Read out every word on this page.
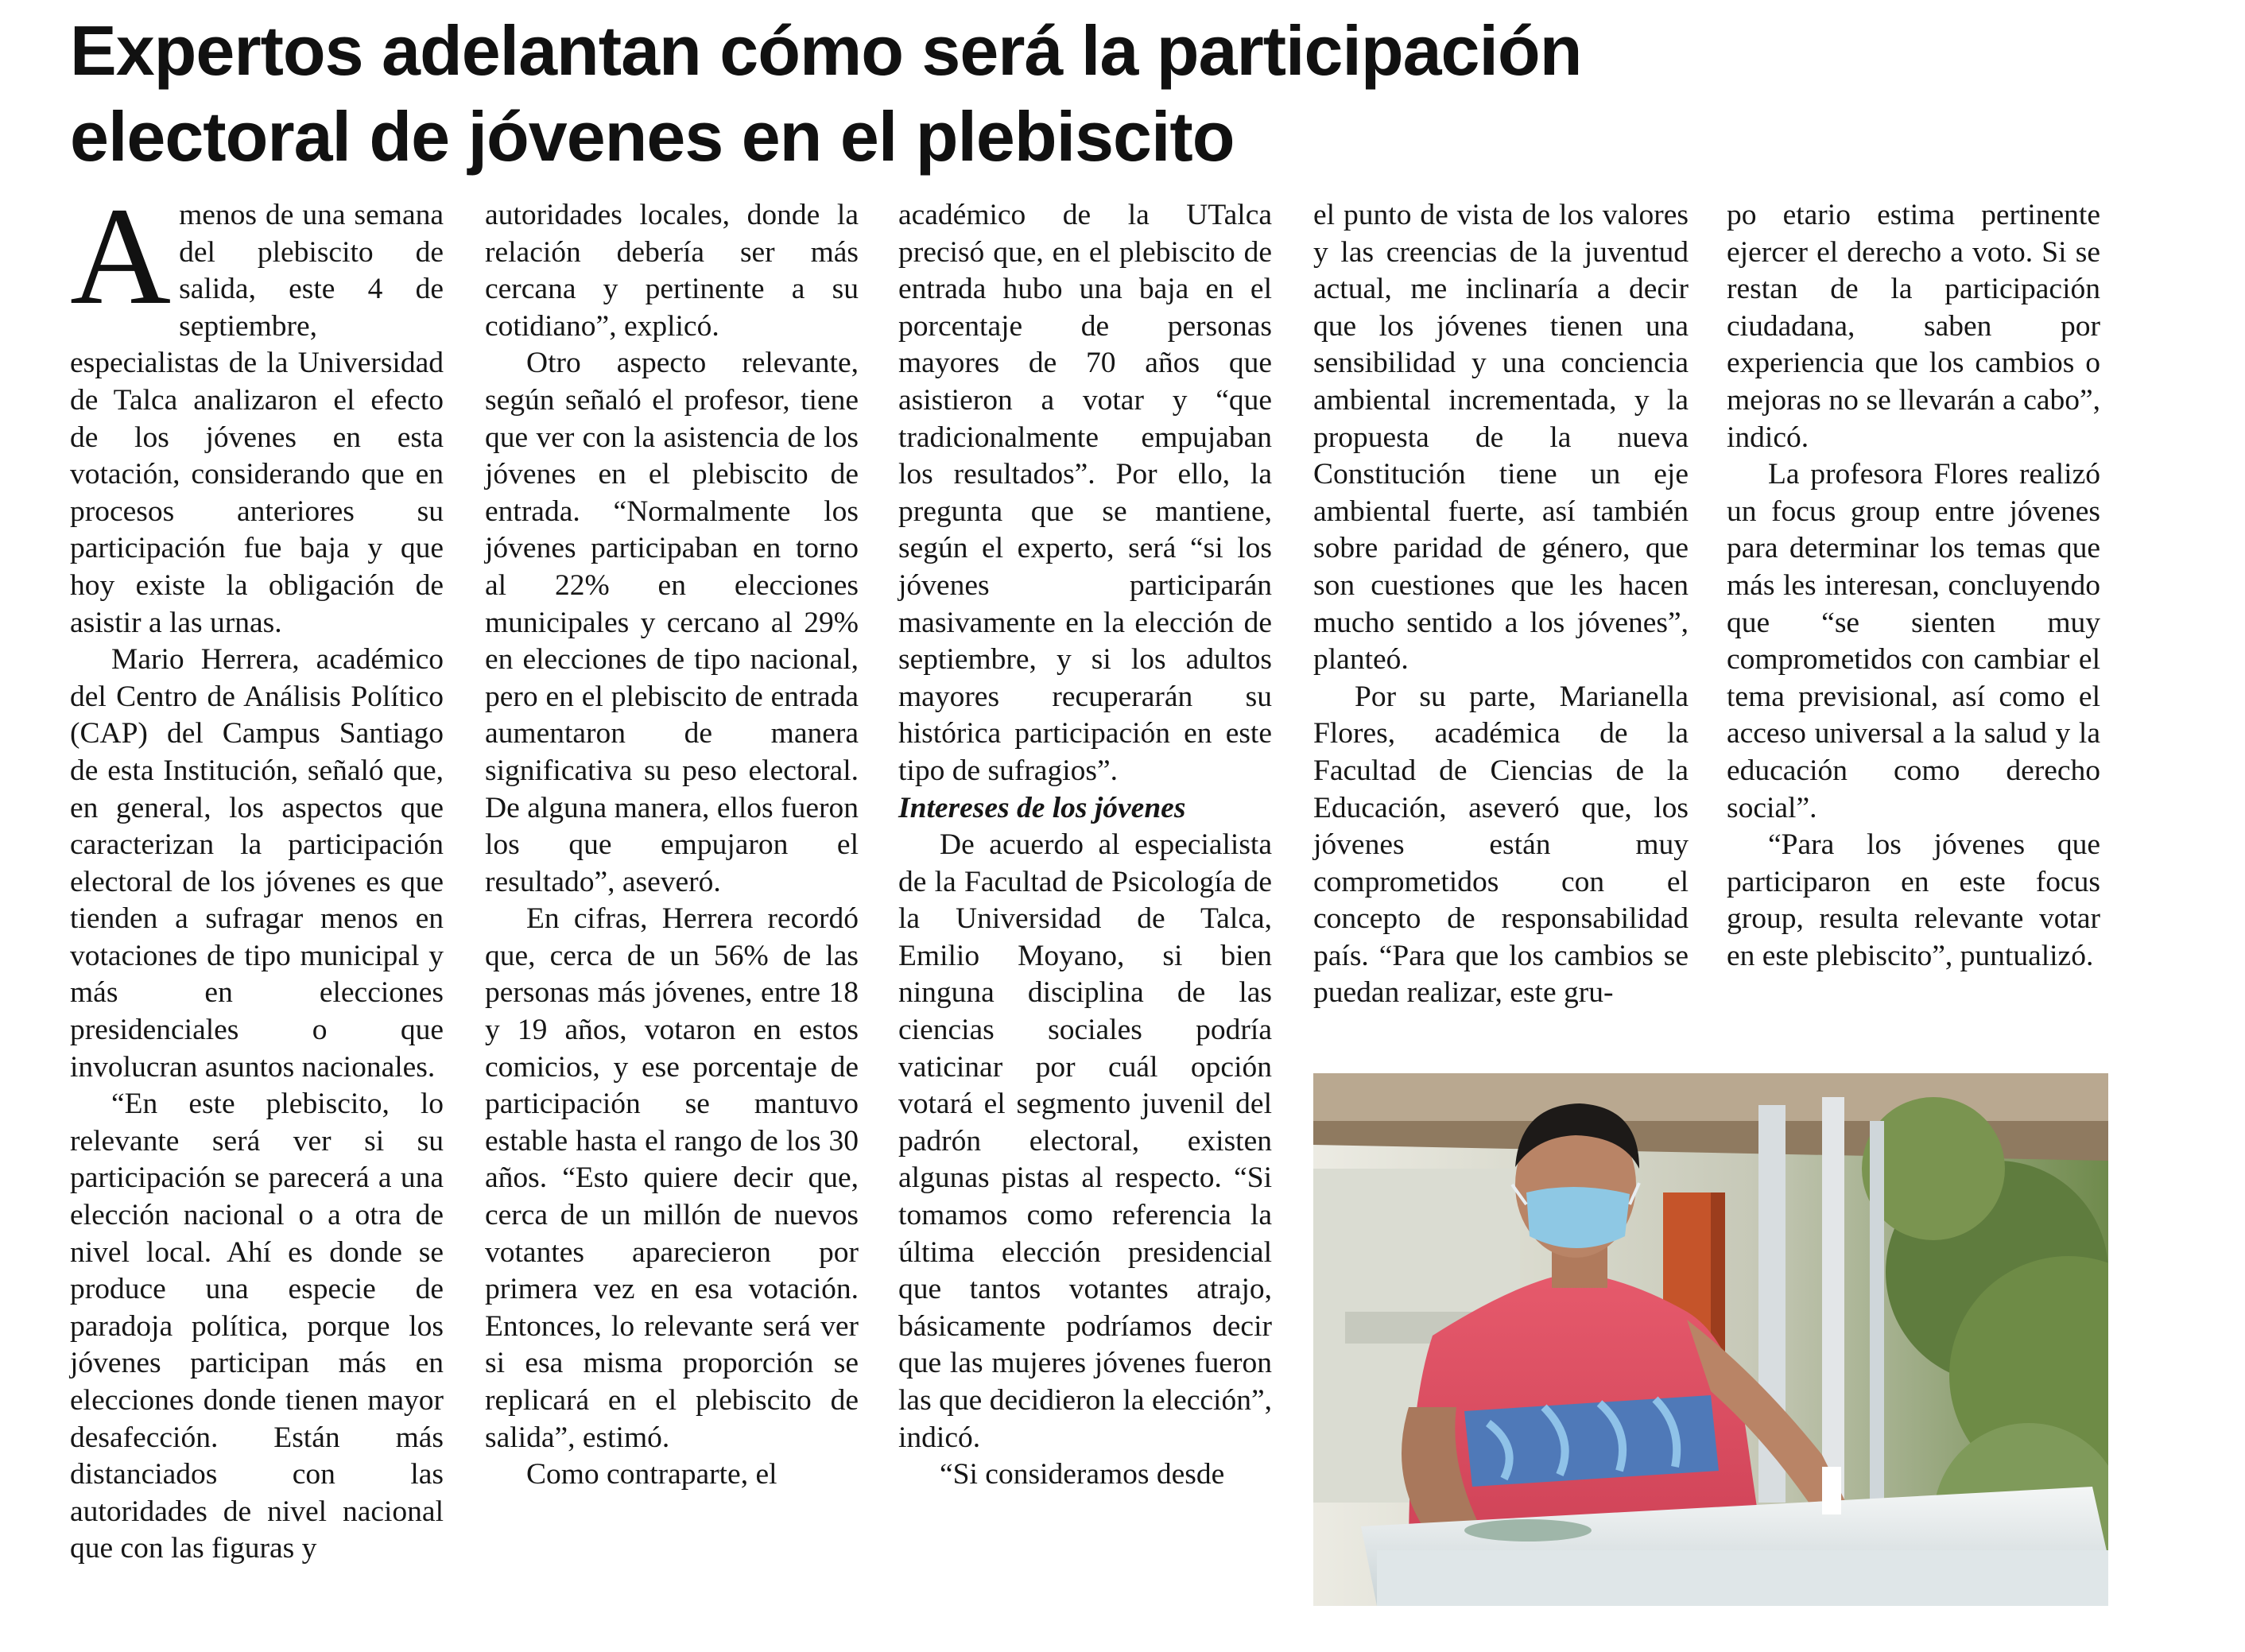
Expertos adelantan cómo será la participación
electoral de jóvenes en el plebiscito

Amenos de una semana del plebiscito de salida, este 4 de septiembre, especialistas de la Universidad de Talca analizaron el efecto de los jóvenes en esta votación, considerando que en procesos anteriores su participación fue baja y que hoy existe la obligación de asistir a las urnas.

Mario Herrera, académico del Centro de Análisis Político (CAP) del Campus Santiago de esta Institución, señaló que, en general, los aspectos que caracterizan la participación electoral de los jóvenes es que tienden a sufragar menos en votaciones de tipo municipal y más en elecciones presidenciales o que involucran asuntos nacionales.

“En este plebiscito, lo relevante será ver si su participación se parecerá a una elección nacional o a otra de nivel local. Ahí es donde se produce una especie de paradoja política, porque los jóvenes participan más en elecciones donde tienen mayor desafección. Están más distanciados con las autoridades de nivel nacional que con las figuras y

autoridades locales, donde la relación debería ser más cercana y pertinente a su cotidiano”, explicó.

Otro aspecto relevante, según señaló el profesor, tiene que ver con la asistencia de los jóvenes en el plebiscito de entrada. “Normalmente los jóvenes participaban en torno al 22% en elecciones municipales y cercano al 29% en elecciones de tipo nacional, pero en el plebiscito de entrada aumentaron de manera significativa su peso electoral. De alguna manera, ellos fueron los que empujaron el resultado”, aseveró.

En cifras, Herrera recordó que, cerca de un 56% de las personas más jóvenes, entre 18 y 19 años, votaron en estos comicios, y ese porcentaje de participación se mantuvo estable hasta el rango de los 30 años. “Esto quiere decir que, cerca de un millón de nuevos votantes aparecieron por primera vez en esa votación. Entonces, lo relevante será ver si esa misma proporción se replicará en el plebiscito de salida”, estimó.

Como contraparte, el

académico de la UTalca precisó que, en el plebiscito de entrada hubo una baja en el porcentaje de personas mayores de 70 años que asistieron a votar y “que tradicionalmente empujaban los resultados”. Por ello, la pregunta que se mantiene, según el experto, será “si los jóvenes participarán masivamente en la elección de septiembre, y si los adultos mayores recuperarán su histórica participación en este tipo de sufragios”.

Intereses de los jóvenes

De acuerdo al especialista de la Facultad de Psicología de la Universidad de Talca, Emilio Moyano, si bien ninguna disciplina de las ciencias sociales podría vaticinar por cuál opción votará el segmento juvenil del padrón electoral, existen algunas pistas al respecto. “Si tomamos como referencia la última elección presidencial que tantos votantes atrajo, básicamente podríamos decir que las mujeres jóvenes fueron las que decidieron la elección”, indicó.

“Si consideramos desde

el punto de vista de los valores y las creencias de la juventud actual, me inclinaría a decir que los jóvenes tienen una sensibilidad y una conciencia ambiental incrementada, y la propuesta de la nueva Constitución tiene un eje ambiental fuerte, así también sobre paridad de género, que son cuestiones que les hacen mucho sentido a los jóvenes”, planteó.

Por su parte, Marianella Flores, académica de la Facultad de Ciencias de la Educación, aseveró que, los jóvenes están muy comprometidos con el concepto de responsabilidad país. “Para que los cambios se puedan realizar, este gru-

po etario estima pertinente ejercer el derecho a voto. Si se restan de la participación ciudadana, saben por experiencia que los cambios o mejoras no se llevarán a cabo”, indicó.

La profesora Flores realizó un focus group entre jóvenes para determinar los temas que más les interesan, concluyendo que “se sienten muy comprometidos con cambiar el tema previsional, así como el acceso universal a la salud y la educación como derecho social”.

“Para los jóvenes que participaron en este focus group, resulta relevante votar en este plebiscito”, puntualizó.
